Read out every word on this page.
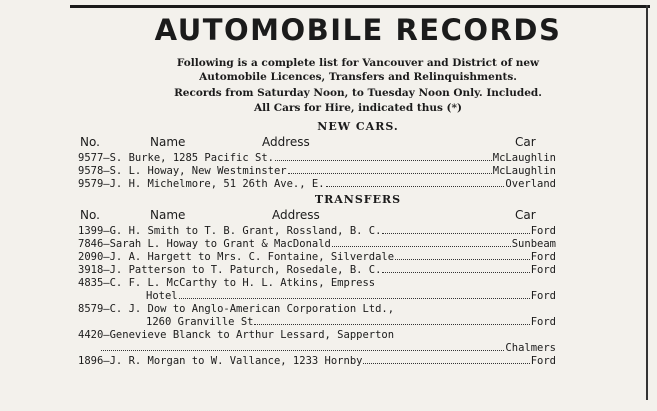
AUTOMOBILE RECORDS
Following is a complete list for Vancouver and District of new
Automobile Licences, Transfers and Relinquishments.
Records from Saturday Noon, to Tuesday Noon Only. Included.
All Cars for Hire, indicated thus (*)
NEW CARS.
No.	Name	Address	Car
9577—S. Burke, 1285 Pacific St.	McLaughlin
9578—S. L. Howay, New Westminster	McLaughlin
9579—J. H. Michelmore, 51 26th Ave., E.	Overland
TRANSFERS
No.	Name	Address	Car
1399—G. H. Smith to T. B. Grant, Rossland, B. C.	Ford
7846—Sarah L. Howay to Grant & MacDonald	Sunbeam
2090—J. A. Hargett to Mrs. C. Fontaine, Silverdale	Ford
3918—J. Patterson to T. Paturch, Rosedale, B. C.	Ford
4835—C. F. L. McCarthy to H. L. Atkins, Empress
Hotel	Ford
8579—C. J. Dow to Anglo-American Corporation Ltd.,
1260 Granville St	Ford
4420—Genevieve Blanck to Arthur Lessard, Sapperton
Chalmers
1896—J. R. Morgan to W. Vallance, 1233 Hornby	Ford
